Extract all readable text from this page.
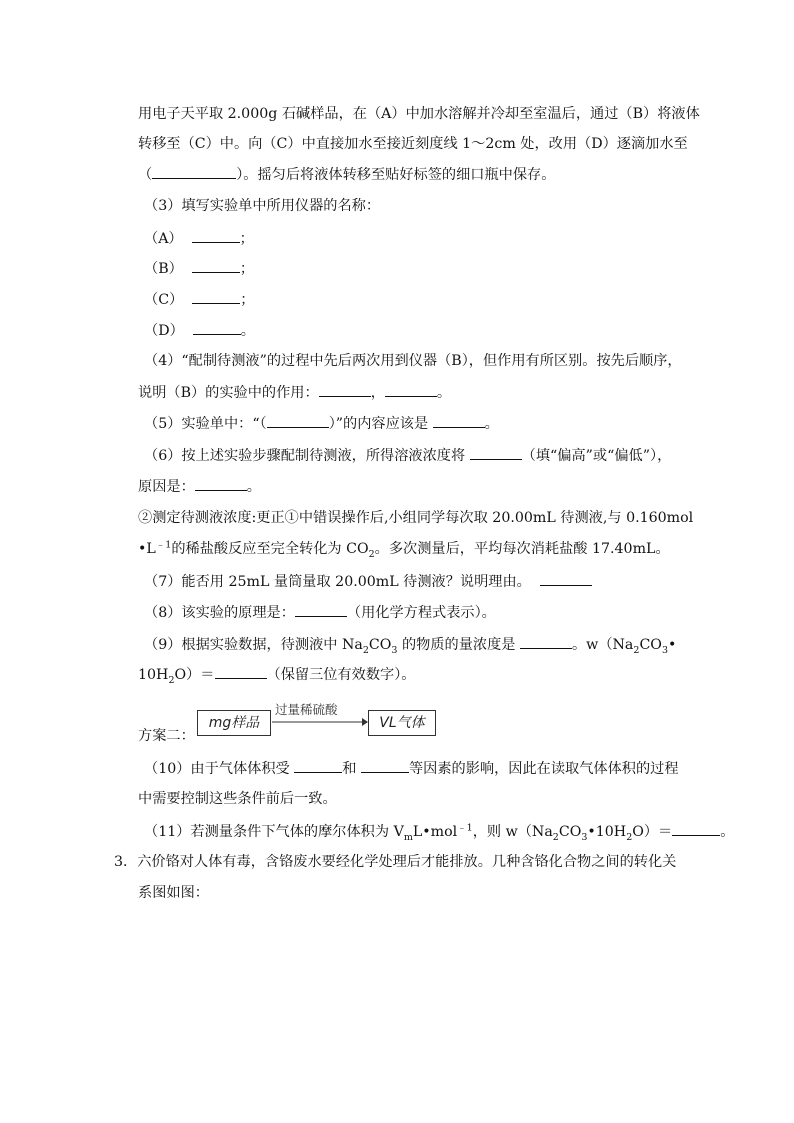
用电子天平取 2.000g 石碱样品，在（A）中加水溶解并冷却至室温后，通过（B）将液体
转移至（C）中。向（C）中直接加水至接近刻度线 1～2cm 处，改用（D）逐滴加水至
（	）。摇匀后将液体转移至贴好标签的细口瓶中保存。
（3）填写实验单中所用仪器的名称：
（A）	；
（B）	；
（C）	；
（D）	。
（4）“配制待测液”的过程中先后两次用到仪器（B），但作用有所区别。按先后顺序，
说明（B）的实验中的作用：	，	。
（5）实验单中：“（	）”的内容应该是	。
（6）按上述实验步骤配制待测液，所得溶液浓度将	（填“偏高”或“偏低”），
原因是：	。
②测定待测液浓度:更正①中错误操作后,小组同学每次取 20.00mL 待测液,与 0.160mol
$•L^{﹣1}$的稀盐酸反应至完全转化为 $CO_2$。多次测量后，平均每次消耗盐酸 17.40mL。
（7）能否用 25mL 量筒量取 20.00mL 待测液？说明理由。
（8）该实验的原理是：	（用化学方程式表示）。
（9）根据实验数据，待测液中 $Na_2CO_3$ 的物质的量浓度是	。$w(Na_2CO_3•$
$10H_2O)=$	（保留三位有效数字）。
方案二：
mg样品
过量稀硫酸
VL气体
（10）由于气体体积受	和	等因素的影响，因此在读取气体体积的过程
中需要控制这些条件前后一致。
（11）若测量条件下气体的摩尔体积为 $V_mL•mol^{﹣1}$，则 $w(Na_2CO_3•10H_2O)=$	。
3．六价铬对人体有毒，含铬废水要经化学处理后才能排放。几种含铬化合物之间的转化关
系图如图：
